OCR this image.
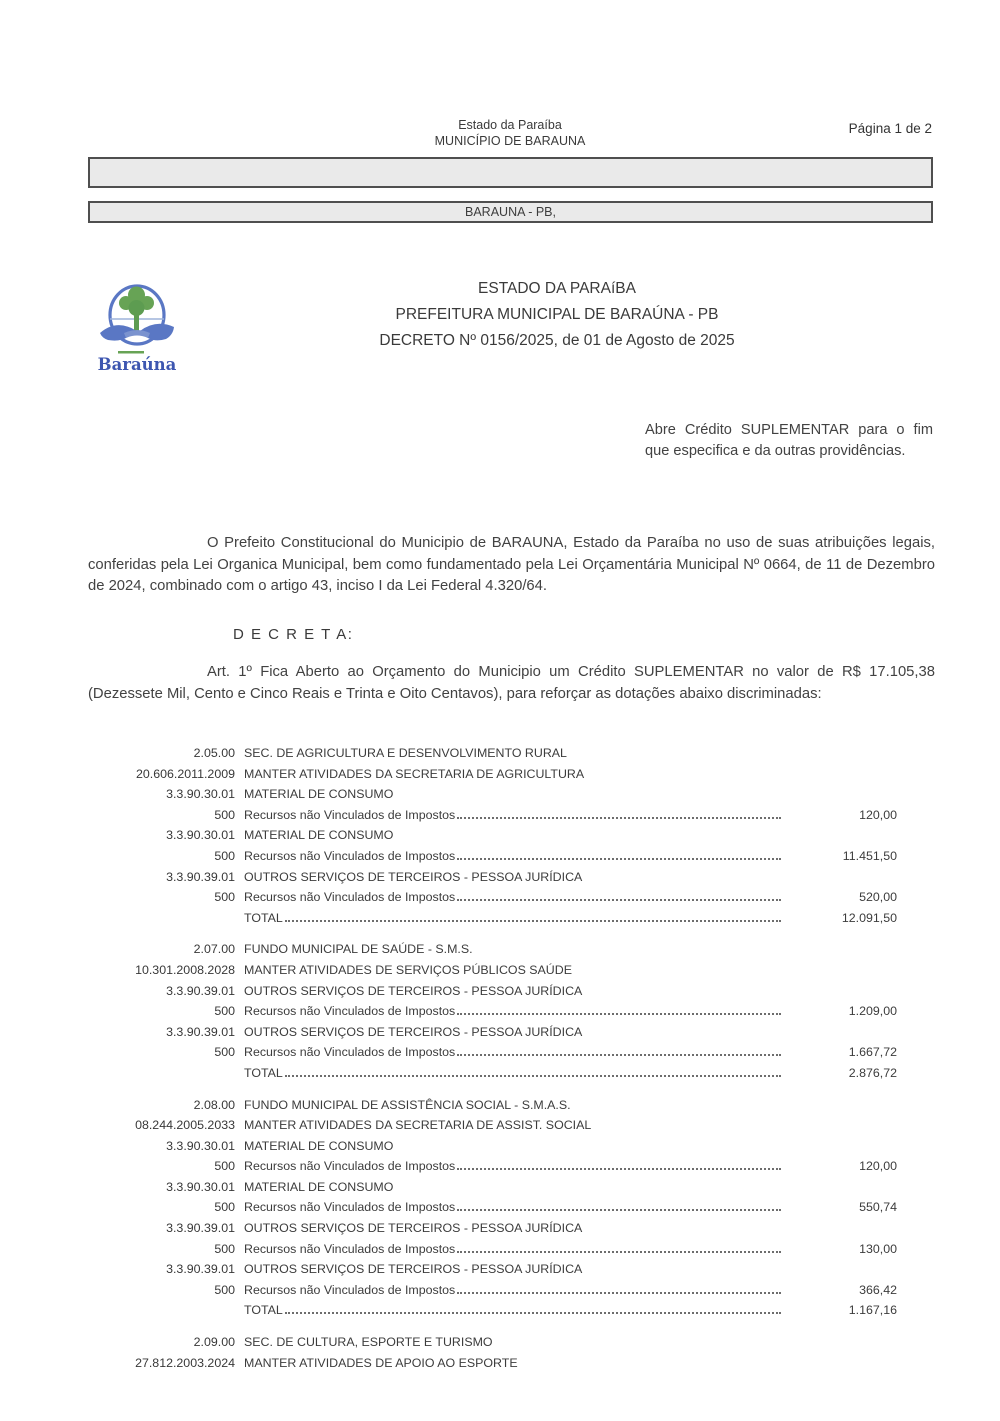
Estado da Paraíba
MUNICÍPIO DE BARAUNA
Página 1 de 2
BARAUNA - PB,
Baraúna
ESTADO DA PARAíBA
PREFEITURA MUNICIPAL DE BARAÚNA - PB
DECRETO Nº 0156/2025, de 01 de Agosto de 2025
Abre Crédito SUPLEMENTAR para o fim que especifica e da outras providências.
O Prefeito Constitucional do Municipio de BARAUNA, Estado da Paraíba no uso de suas atribuições legais, conferidas pela Lei Organica Municipal, bem como fundamentado pela Lei Orçamentária Municipal Nº 0664, de 11 de Dezembro de 2024, combinado com o artigo 43, inciso I da Lei Federal 4.320/64.
D E C R E T A:
Art. 1º Fica Aberto ao Orçamento do Municipio um Crédito SUPLEMENTAR no valor de R$ 17.105,38 (Dezessete Mil, Cento e Cinco Reais e Trinta e Oito Centavos), para reforçar as dotações abaixo discriminadas:
2.05.00 SEC. DE AGRICULTURA E DESENVOLVIMENTO RURAL
20.606.2011.2009 MANTER ATIVIDADES DA SECRETARIA DE AGRICULTURA
3.3.90.30.01 MATERIAL DE CONSUMO
500 Recursos não Vinculados de Impostos	120,00
3.3.90.30.01 MATERIAL DE CONSUMO
500 Recursos não Vinculados de Impostos	11.451,50
3.3.90.39.01 OUTROS SERVIÇOS DE TERCEIROS - PESSOA JURÍDICA
500 Recursos não Vinculados de Impostos	520,00
TOTAL	12.091,50
2.07.00 FUNDO MUNICIPAL DE SAÚDE - S.M.S.
10.301.2008.2028 MANTER ATIVIDADES DE SERVIÇOS PÚBLICOS SAÚDE
3.3.90.39.01 OUTROS SERVIÇOS DE TERCEIROS - PESSOA JURÍDICA
500 Recursos não Vinculados de Impostos	1.209,00
3.3.90.39.01 OUTROS SERVIÇOS DE TERCEIROS - PESSOA JURÍDICA
500 Recursos não Vinculados de Impostos	1.667,72
TOTAL	2.876,72
2.08.00 FUNDO MUNICIPAL DE ASSISTÊNCIA SOCIAL - S.M.A.S.
08.244.2005.2033 MANTER ATIVIDADES DA SECRETARIA DE ASSIST. SOCIAL
3.3.90.30.01 MATERIAL DE CONSUMO
500 Recursos não Vinculados de Impostos	120,00
3.3.90.30.01 MATERIAL DE CONSUMO
500 Recursos não Vinculados de Impostos	550,74
3.3.90.39.01 OUTROS SERVIÇOS DE TERCEIROS - PESSOA JURÍDICA
500 Recursos não Vinculados de Impostos	130,00
3.3.90.39.01 OUTROS SERVIÇOS DE TERCEIROS - PESSOA JURÍDICA
500 Recursos não Vinculados de Impostos	366,42
TOTAL	1.167,16
2.09.00 SEC. DE CULTURA, ESPORTE E TURISMO
27.812.2003.2024 MANTER ATIVIDADES DE APOIO AO ESPORTE
